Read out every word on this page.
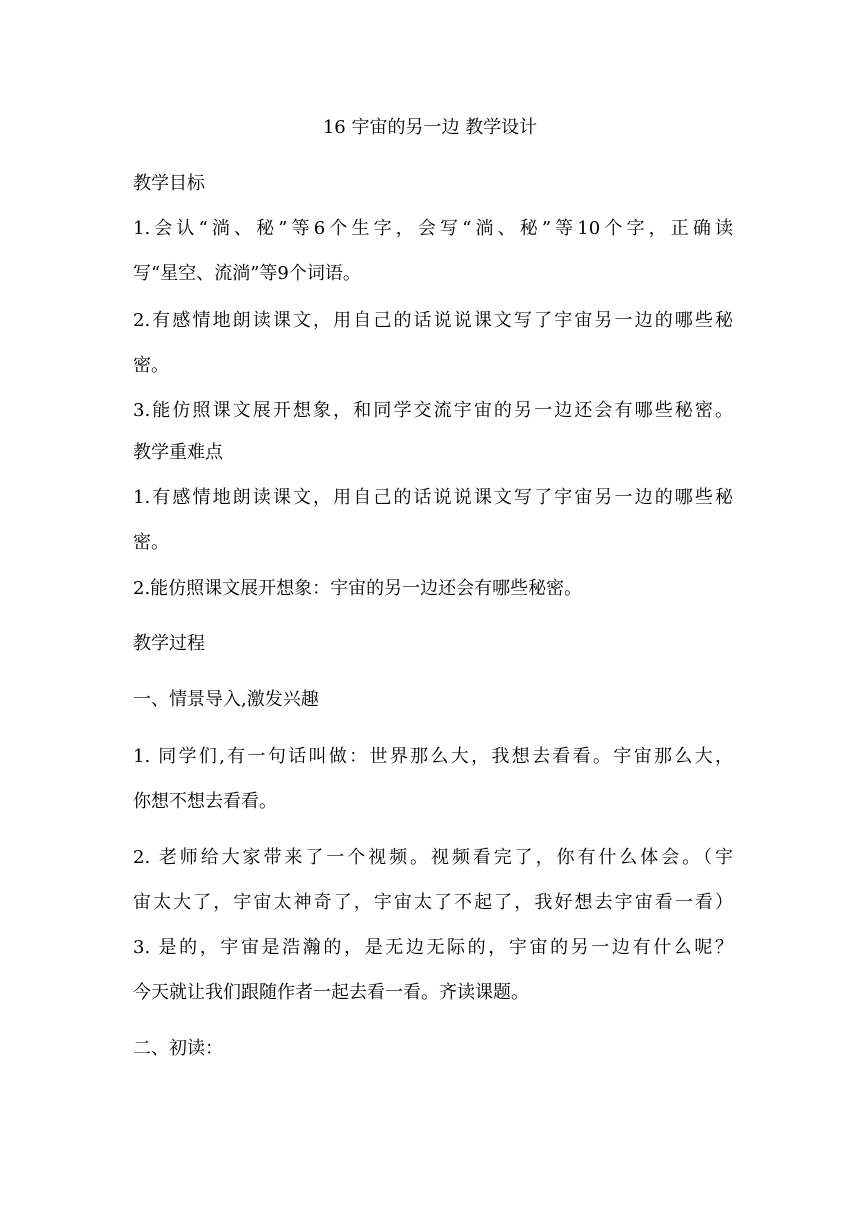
16 宇宙的另一边 教学设计
教学目标
1.会认“淌、秘”等6个生字，会写“淌、秘”等10个字，正确读
写“星空、流淌”等9个词语。
2.有感情地朗读课文，用自己的话说说课文写了宇宙另一边的哪些秘
密。
3.能仿照课文展开想象，和同学交流宇宙的另一边还会有哪些秘密。
教学重难点
1.有感情地朗读课文，用自己的话说说课文写了宇宙另一边的哪些秘
密。
2.能仿照课文展开想象：宇宙的另一边还会有哪些秘密。
教学过程
一、情景导入,激发兴趣
1. 同学们,有一句话叫做：世界那么大，我想去看看。宇宙那么大，
你想不想去看看。
2. 老师给大家带来了一个视频。视频看完了，你有什么体会。（宇
宙太大了，宇宙太神奇了，宇宙太了不起了，我好想去宇宙看一看）
3. 是的，宇宙是浩瀚的，是无边无际的，宇宙的另一边有什么呢？
今天就让我们跟随作者一起去看一看。齐读课题。
二、初读：
